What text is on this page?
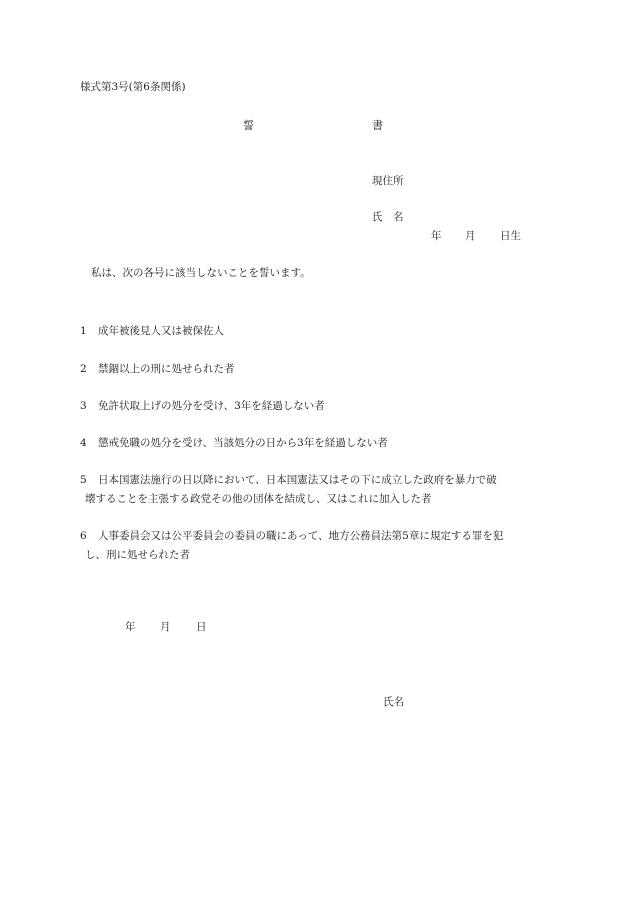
様式第3号(第6条関係)
誓	書
現住所
氏　名
年 月 日生
私は、次の各号に該当しないことを誓います。
1 成年被後見人又は被保佐人
2 禁錮以上の刑に処せられた者
3 免許状取上げの処分を受け、3年を経過しない者
4 懲戒免職の処分を受け、当該処分の日から3年を経過しない者
5 日本国憲法施行の日以降において、日本国憲法又はその下に成立した政府を暴力で破
壊することを主張する政党その他の団体を結成し、又はこれに加入した者
6 人事委員会又は公平委員会の委員の職にあって、地方公務員法第5章に規定する罪を犯
し、刑に処せられた者
年 月 日
氏名
